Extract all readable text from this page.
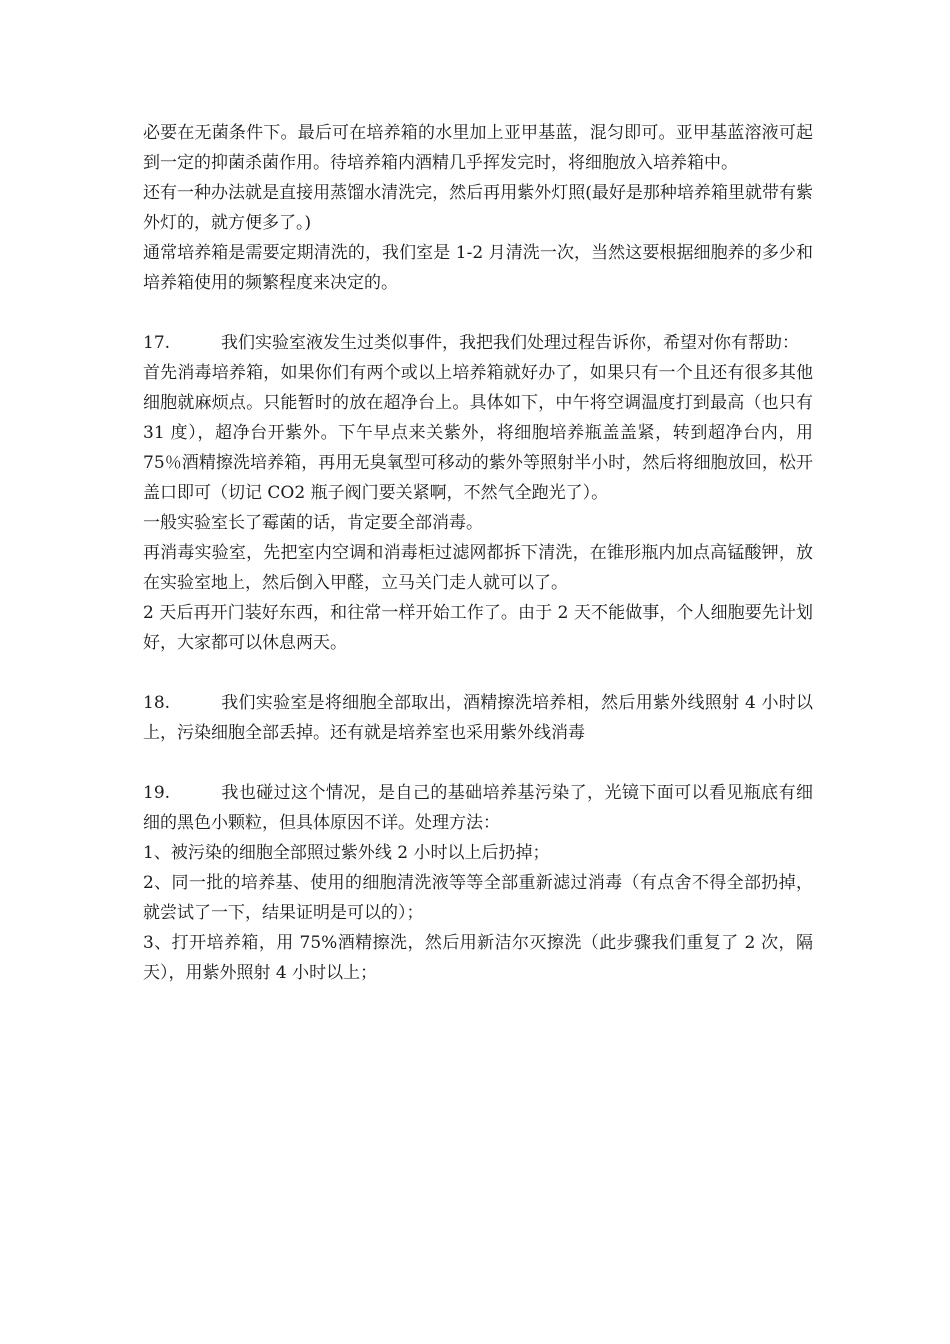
必要在无菌条件下。最后可在培养箱的水里加上亚甲基蓝，混匀即可。亚甲基蓝溶液可起到一定的抑菌杀菌作用。待培养箱内酒精几乎挥发完时，将细胞放入培养箱中。

还有一种办法就是直接用蒸馏水清洗完，然后再用紫外灯照(最好是那种培养箱里就带有紫外灯的，就方便多了。)

通常培养箱是需要定期清洗的，我们室是 1-2 月清洗一次，当然这要根据细胞养的多少和培养箱使用的频繁程度来决定的。

17.	我们实验室液发生过类似事件，我把我们处理过程告诉你，希望对你有帮助：

首先消毒培养箱，如果你们有两个或以上培养箱就好办了，如果只有一个且还有很多其他细胞就麻烦点。只能暂时的放在超净台上。具体如下，中午将空调温度打到最高（也只有 31 度），超净台开紫外。下午早点来关紫外，将细胞培养瓶盖盖紧，转到超净台内，用 75％酒精擦洗培养箱，再用无臭氧型可移动的紫外等照射半小时，然后将细胞放回，松开盖口即可（切记 CO2 瓶子阀门要关紧啊，不然气全跑光了）。

一般实验室长了霉菌的话，肯定要全部消毒。

再消毒实验室，先把室内空调和消毒柜过滤网都拆下清洗，在锥形瓶内加点高锰酸钾，放在实验室地上，然后倒入甲醛，立马关门走人就可以了。

2 天后再开门装好东西，和往常一样开始工作了。由于 2 天不能做事，个人细胞要先计划好，大家都可以休息两天。

18.	我们实验室是将细胞全部取出，酒精擦洗培养相，然后用紫外线照射 4 小时以上，污染细胞全部丢掉。还有就是培养室也采用紫外线消毒

19.	我也碰过这个情况，是自己的基础培养基污染了，光镜下面可以看见瓶底有细细的黑色小颗粒，但具体原因不详。处理方法：

1、被污染的细胞全部照过紫外线 2 小时以上后扔掉；

2、同一批的培养基、使用的细胞清洗液等等全部重新滤过消毒（有点舍不得全部扔掉，就尝试了一下，结果证明是可以的）；

3、打开培养箱，用 75%酒精擦洗，然后用新洁尔灭擦洗（此步骤我们重复了 2 次，隔天），用紫外照射 4 小时以上；
